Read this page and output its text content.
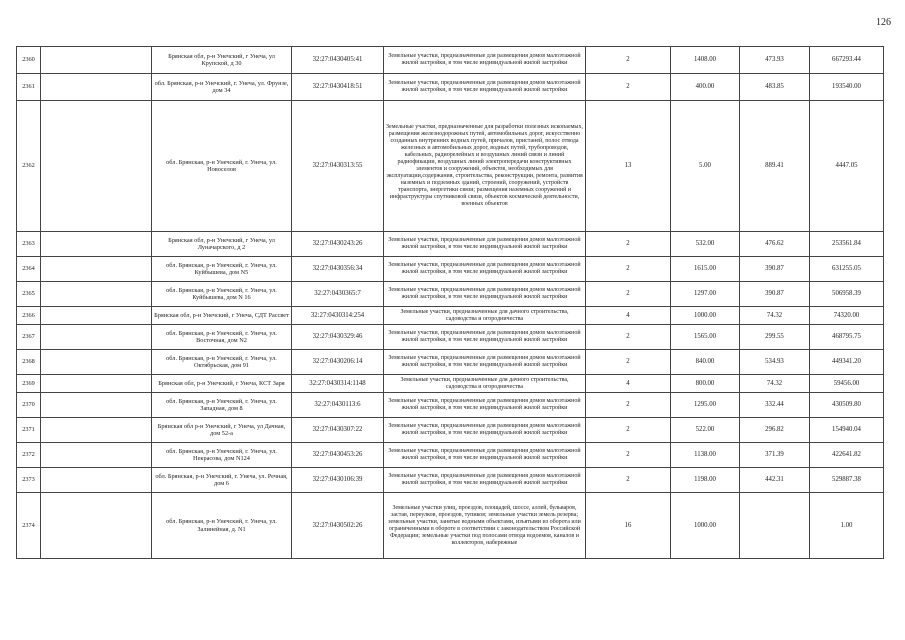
126
2360		Брянская обл, р-н Унечский, г Унеча, ул Крупской, д 30	32:27:0430405:41	Земельные участки, предназначенные для размещения домов малоэтажной жилой застройки, в том числе индивидуальной жилой застройки	2	1408.00	473.93	667293.44
2361		обл. Брянская, р-н Унечский, г. Унеча, ул. Фрунзе, дом 34	32:27:0430418:51	Земельные участки, предназначенные для размещения домов малоэтажной жилой застройки, в том числе индивидуальной жилой застройки	2	400.00	483.85	193540.00
2362		обл. Брянская, р-н Унечский, г. Унеча, ул. Новоселов	32:27:0430313:55	Земельные участки, предназначенные для разработки полезных ископаемых, размещения железнодорожных путей, автомобильных дорог, искусственно созданных внутренних водных путей, причалов, пристаней, полос отвода железных и автомобильных дорог, водных путей, трубопроводов, кабельных, радиорелейных и воздушных линий связи и линий радиофикации, воздушных линий электропередачи конструктивных элементов и сооружений, объектов, необходимых для эксплуатации,содержания, строительства, реконструкции, ремонта, развития наземных и подземных зданий, строений, сооружений, устройств транспорта, энергетики связи; размещения наземных сооружений и инфраструктуры спутниковой связи, объектов космической деятельности, военных объектов	13	5.00	889.41	4447.05
2363		Брянская обл, р-н Унечский, г Унеча, ул Луначарского, д 2	32:27:0430243:26	Земельные участки, предназначенные для размещения домов малоэтажной жилой застройки, в том числе индивидуальной жилой застройки	2	532.00	476.62	253561.84
2364		обл. Брянская, р-н Унечский, г. Унеча, ул. Куйбышева, дом N5	32:27:0430356:34	Земельные участки, предназначенные для размещения домов малоэтажной жилой застройки, в том числе индивидуальной жилой застройки	2	1615.00	390.87	631255.05
2365		обл. Брянская, р-н Унечский, г. Унеча, ул. Куйбышева, дом N 16	32:27:0430365:7	Земельные участки, предназначенные для размещения домов малоэтажной жилой застройки, в том числе индивидуальной жилой застройки	2	1297.00	390.87	506958.39
2366		Брянская обл, р-н Унечский, г Унеча, СДТ Рассвет	32:27:0430314:254	Земельные участки, предназначенные для дачного строительства, садоводства и огородничества	4	1000.00	74.32	74320.00
2367		обл. Брянская, р-н Унечский, г. Унеча, ул. Восточная, дом N2	32:27:0430329:46	Земельные участки, предназначенные для размещения домов малоэтажной жилой застройки, в том числе индивидуальной жилой застройки	2	1565.00	299.55	468795.75
2368		обл. Брянская, р-н Унечский, г. Унеча, ул. Октябрьская, дом 91	32:27:0430206:14	Земельные участки, предназначенные для размещения домов малоэтажной жилой застройки, в том числе индивидуальной жилой застройки	2	840.00	534.93	449341.20
2369		Брянская обл, р-н Унечский, г Унеча, КСТ Заря	32:27:0430314:1148	Земельные участки, предназначенные для дачного строительства, садоводства и огородничества	4	800.00	74.32	59456.00
2370		обл. Брянская, р-н Унечский, г. Унеча, ул. Западная, дом 8	32:27:0430113:6	Земельные участки, предназначенные для размещения домов малоэтажной жилой застройки, в том числе индивидуальной жилой застройки	2	1295.00	332.44	430509.80
2371		Брянская обл р-н Унечский, г Унеча, ул Дачная, дом 52-а	32:27:0430307:22	Земельные участки, предназначенные для размещения домов малоэтажной жилой застройки, в том числе индивидуальной жилой застройки	2	522.00	296.82	154940.04
2372		обл. Брянская, р-н Унечский, г. Унеча, ул. Некрасова, дом N124	32:27:0430453:26	Земельные участки, предназначенные для размещения домов малоэтажной жилой застройки, в том числе индивидуальной жилой застройки	2	1138.00	371.39	422641.82
2373		обл. Брянская, р-н Унечский, г. Унеча, ул. Речная, дом 6	32:27:0430106:39	Земельные участки, предназначенные для размещения домов малоэтажной жилой застройки, в том числе индивидуальной жилой застройки	2	1198.00	442.31	529887.38
2374		обл. Брянская, р-н Унечский, г. Унеча, ул. Залинейная, д. N1	32:27:0430502:26	Земельные участки улиц, проездов, площадей, шоссе, аллей, бульваров, застав, переулков, проездов, тупиков; земельные участки земель резерва; земельные участки, занятые водными объектами, изъятыми из оборота или ограниченными в обороте в соответствии с законодательством Российской Федерации; земельные участки под полосами отвода водоемов, каналов и коллекторов, набережные	16	1000.00		1.00
